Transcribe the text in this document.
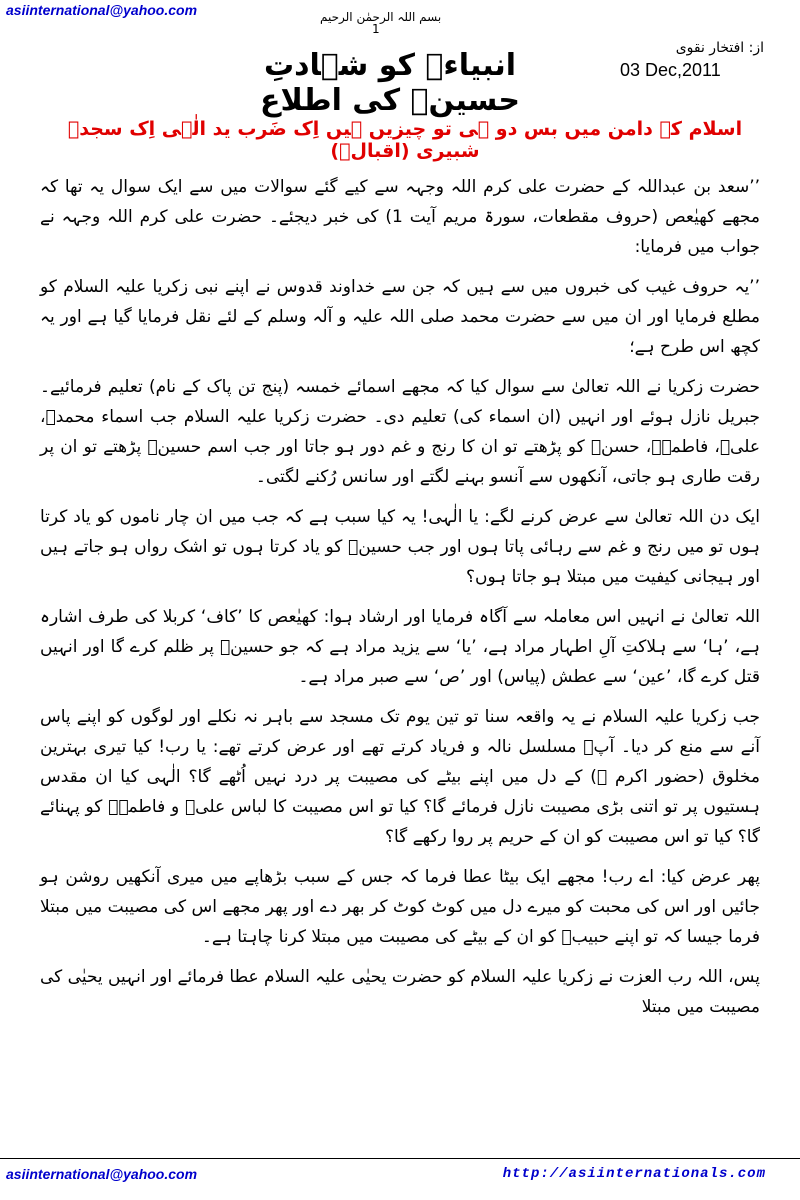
asiinternational@yahoo.com	بسم اللہ الرحمٰن الرحیم
1
از: افتخار نقوی
03 Dec,2011
انبیاءؑ کو شہادتِ حسینؑ کی اطلاع
اسلام کے دامن میں بس دو ہی تو چیزیں ہیں اِک ضَرب ید الٰہی اِک سجدۂ شبیری (اقبالؒ)

’’سعد بن عبداللہ کے حضرت علی کرم اللہ وجہہ سے کیے گئے سوالات میں سے ایک سوال یہ تھا کہ مجھے کھیٰعص (حروف مقطعات، سورۃ مریم آیت 1) کی خبر دیجئے۔ حضرت علی کرم اللہ وجہہ نے جواب میں فرمایا:

’’یہ حروف غیب کی خبروں میں سے ہیں کہ جن سے خداوند قدوس نے اپنے نبی زکریا علیہ السلام کو مطلع فرمایا اور ان میں سے حضرت محمد صلی اللہ علیہ و آلہ وسلم کے لئے نقل فرمایا گیا ہے اور یہ کچھ اس طرح ہے؛

حضرت زکریا نے اللہ تعالیٰ سے سوال کیا کہ مجھے اسمائے خمسہ (پنج تن پاک کے نام) تعلیم فرمائیے۔ جبریل نازل ہوئے اور انہیں (ان اسماء کی) تعلیم دی۔ حضرت زکریا علیہ السلام جب اسماء محمدؐ، علیؑ، فاطمہؑ، حسنؑ کو پڑھتے تو ان کا رنج و غم دور ہو جاتا اور جب اسم حسینؑ پڑھتے تو ان پر رقت طاری ہو جاتی، آنکھوں سے آنسو بہنے لگتے اور سانس رُکنے لگتی۔

ایک دن اللہ تعالیٰ سے عرض کرنے لگے: یا الٰہی! یہ کیا سبب ہے کہ جب میں ان چار ناموں کو یاد کرتا ہوں تو میں رنج و غم سے رہائی پاتا ہوں اور جب حسینؑ کو یاد کرتا ہوں تو اشک رواں ہو جاتے ہیں اور ہیجانی کیفیت میں مبتلا ہو جاتا ہوں؟

اللہ تعالیٰ نے انہیں اس معاملہ سے آگاہ فرمایا اور ارشاد ہوا: کھیٰعص کا ’کاف‘ کربلا کی طرف اشارہ ہے، ’ہا‘ سے ہلاکتِ آلِ اطہار مراد ہے، ’یا‘ سے یزید مراد ہے کہ جو حسینؑ پر ظلم کرے گا اور انہیں قتل کرے گا، ’عین‘ سے عطش (پیاس) اور ’ص‘ سے صبر مراد ہے۔

جب زکریا علیہ السلام نے یہ واقعہ سنا تو تین یوم تک مسجد سے باہر نہ نکلے اور لوگوں کو اپنے پاس آنے سے منع کر دیا۔ آپؑ مسلسل نالہ و فریاد کرتے تھے اور عرض کرتے تھے: یا رب! کیا تیری بہترین مخلوق (حضور اکرم ﷺ) کے دل میں اپنے بیٹے کی مصیبت پر درد نہیں اُٹھے گا؟ الٰہی کیا ان مقدس ہستیوں پر تو اتنی بڑی مصیبت نازل فرمائے گا؟ کیا تو اس مصیبت کا لباس علیؑ و فاطمہؑ کو پہنائے گا؟ کیا تو اس مصیبت کو ان کے حریم پر روا رکھے گا؟

پھر عرض کیا: اے رب! مجھے ایک بیٹا عطا فرما کہ جس کے سبب بڑھاپے میں میری آنکھیں روشن ہو جائیں اور اس کی محبت کو میرے دل میں کوٹ کوٹ کر بھر دے اور پھر مجھے اس کی مصیبت میں مبتلا فرما جیسا کہ تو اپنے حبیبؐ کو ان کے بیٹے کی مصیبت میں مبتلا کرنا چاہتا ہے۔

پس، اللہ رب العزت نے زکریا علیہ السلام کو حضرت یحیٰی علیہ السلام عطا فرمائے اور انہیں یحیٰی کی مصیبت میں مبتلا

asiinternational@yahoo.com	http://asiinternationals.com
